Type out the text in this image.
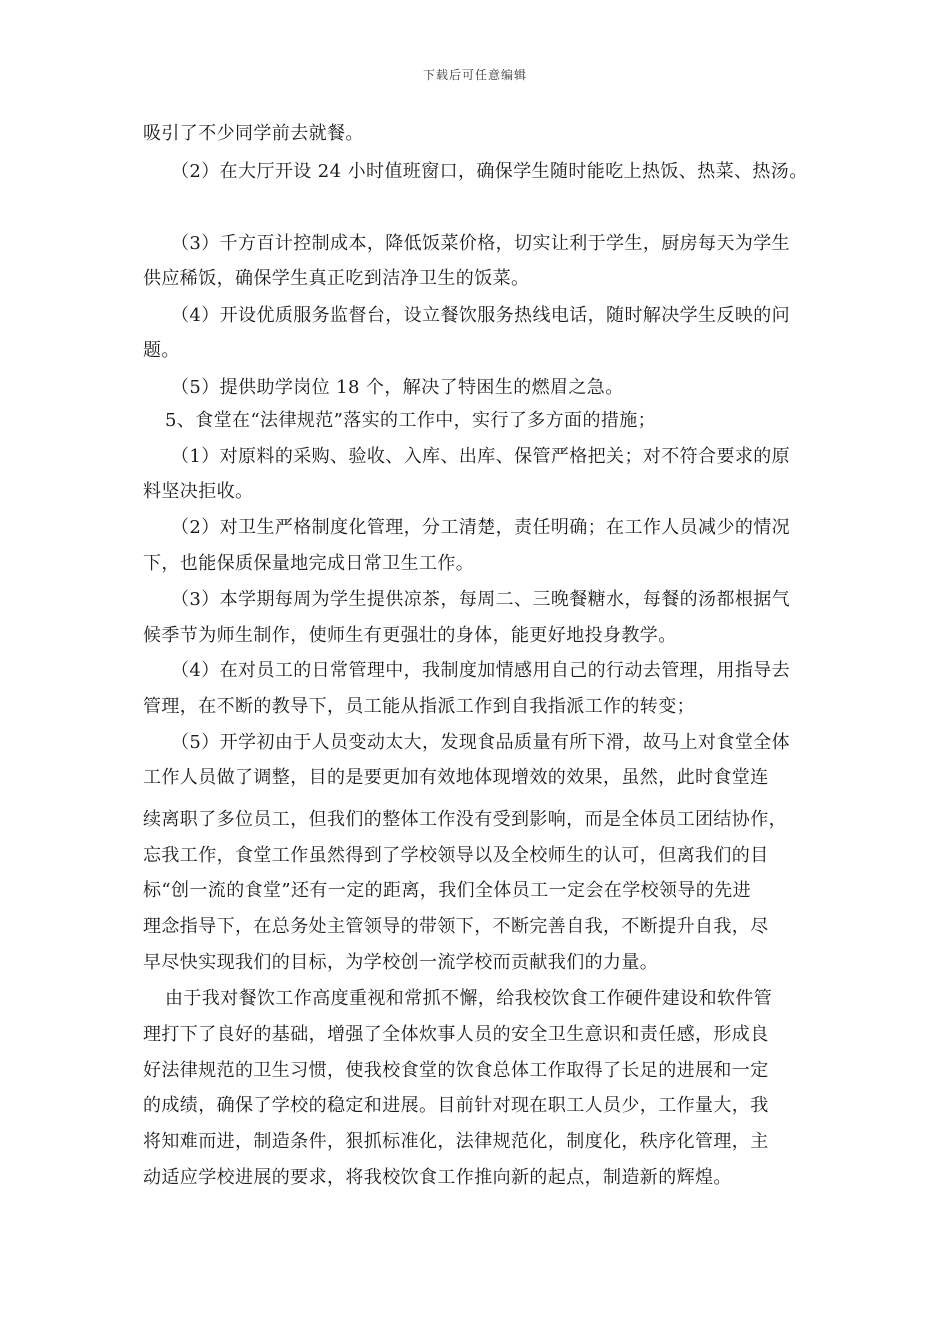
下载后可任意编辑
吸引了不少同学前去就餐。
（2）在大厅开设 24 小时值班窗口，确保学生随时能吃上热饭、热菜、热汤。
（3）千方百计控制成本，降低饭菜价格，切实让利于学生，厨房每天为学生
供应稀饭，确保学生真正吃到洁净卫生的饭菜。
（4）开设优质服务监督台，设立餐饮服务热线电话，随时解决学生反映的问
题。
（5）提供助学岗位 18 个，解决了特困生的燃眉之急。
5、食堂在“法律规范”落实的工作中，实行了多方面的措施；
（1）对原料的采购、验收、入库、出库、保管严格把关；对不符合要求的原
料坚决拒收。
（2）对卫生严格制度化管理，分工清楚，责任明确；在工作人员减少的情况
下，也能保质保量地完成日常卫生工作。
（3）本学期每周为学生提供凉茶，每周二、三晚餐糖水，每餐的汤都根据气
候季节为师生制作，使师生有更强壮的身体，能更好地投身教学。
（4）在对员工的日常管理中，我制度加情感用自己的行动去管理，用指导去
管理，在不断的教导下，员工能从指派工作到自我指派工作的转变；
（5）开学初由于人员变动太大，发现食品质量有所下滑，故马上对食堂全体
工作人员做了调整，目的是要更加有效地体现增效的效果，虽然，此时食堂连
续离职了多位员工，但我们的整体工作没有受到影响，而是全体员工团结协作，
忘我工作，食堂工作虽然得到了学校领导以及全校师生的认可，但离我们的目
标“创一流的食堂”还有一定的距离，我们全体员工一定会在学校领导的先进
理念指导下，在总务处主管领导的带领下，不断完善自我，不断提升自我，尽
早尽快实现我们的目标，为学校创一流学校而贡献我们的力量。
由于我对餐饮工作高度重视和常抓不懈，给我校饮食工作硬件建设和软件管
理打下了良好的基础，增强了全体炊事人员的安全卫生意识和责任感，形成良
好法律规范的卫生习惯，使我校食堂的饮食总体工作取得了长足的进展和一定
的成绩，确保了学校的稳定和进展。目前针对现在职工人员少，工作量大，我
将知难而进，制造条件，狠抓标准化，法律规范化，制度化，秩序化管理，主
动适应学校进展的要求，将我校饮食工作推向新的起点，制造新的辉煌。
